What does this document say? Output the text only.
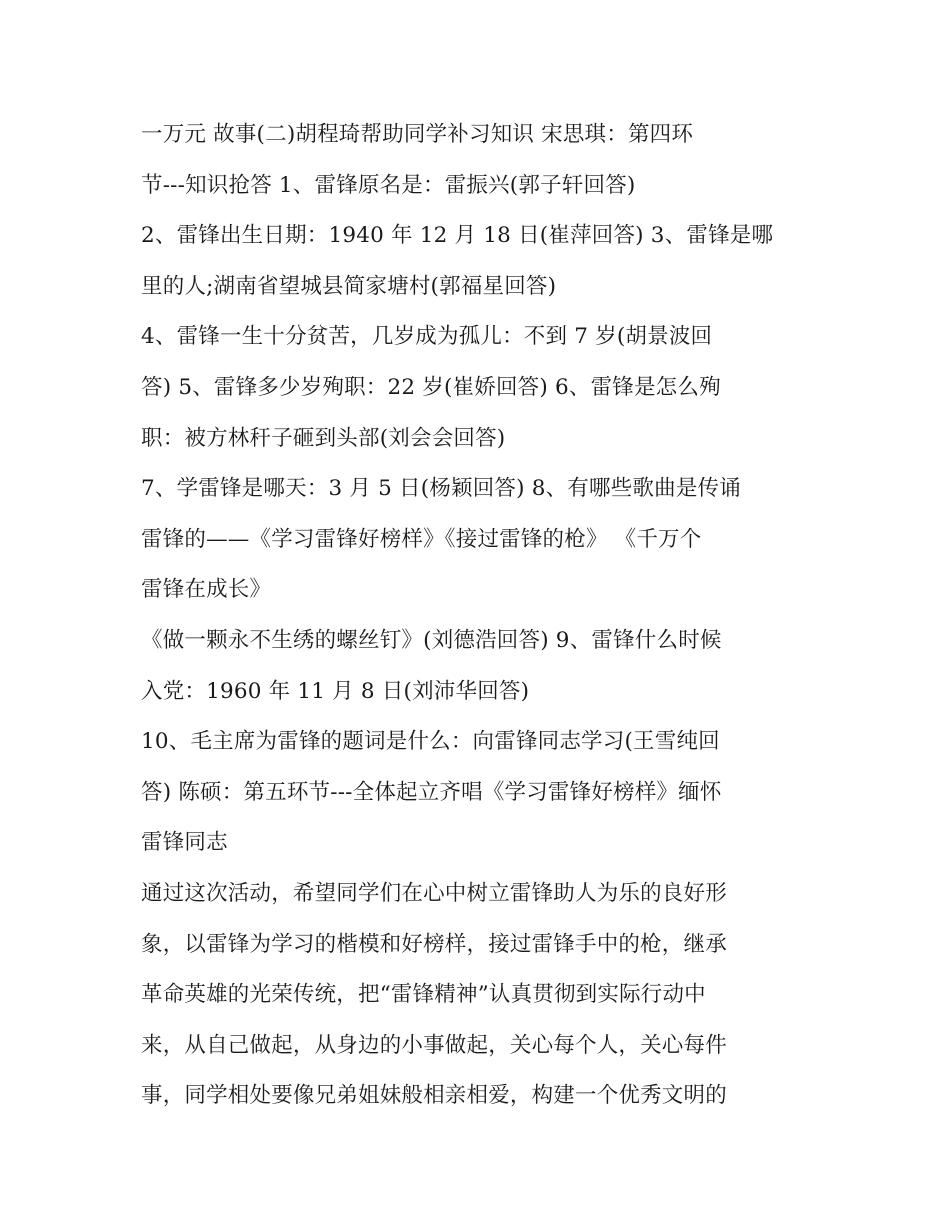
一万元 故事(二)胡程琦帮助同学补习知识 宋思琪：第四环
节---知识抢答 1、雷锋原名是：雷振兴(郭子轩回答)
2、雷锋出生日期：1940 年 12 月 18 日(崔萍回答) 3、雷锋是哪
里的人;湖南省望城县简家塘村(郭福星回答)
4、雷锋一生十分贫苦，几岁成为孤儿：不到 7 岁(胡景波回
答) 5、雷锋多少岁殉职：22 岁(崔娇回答) 6、雷锋是怎么殉
职：被方林秆子砸到头部(刘会会回答)
7、学雷锋是哪天：3 月 5 日(杨颖回答) 8、有哪些歌曲是传诵
雷锋的——《学习雷锋好榜样》《接过雷锋的枪》 《千万个
雷锋在成长》
《做一颗永不生绣的螺丝钉》(刘德浩回答) 9、雷锋什么时候
入党：1960 年 11 月 8 日(刘沛华回答)
10、毛主席为雷锋的题词是什么：向雷锋同志学习(王雪纯回
答) 陈硕：第五环节---全体起立齐唱《学习雷锋好榜样》缅怀
雷锋同志
通过这次活动，希望同学们在心中树立雷锋助人为乐的良好形
象，以雷锋为学习的楷模和好榜样，接过雷锋手中的枪，继承
革命英雄的光荣传统，把“雷锋精神”认真贯彻到实际行动中
来，从自己做起，从身边的小事做起，关心每个人，关心每件
事，同学相处要像兄弟姐妹般相亲相爱，构建一个优秀文明的
